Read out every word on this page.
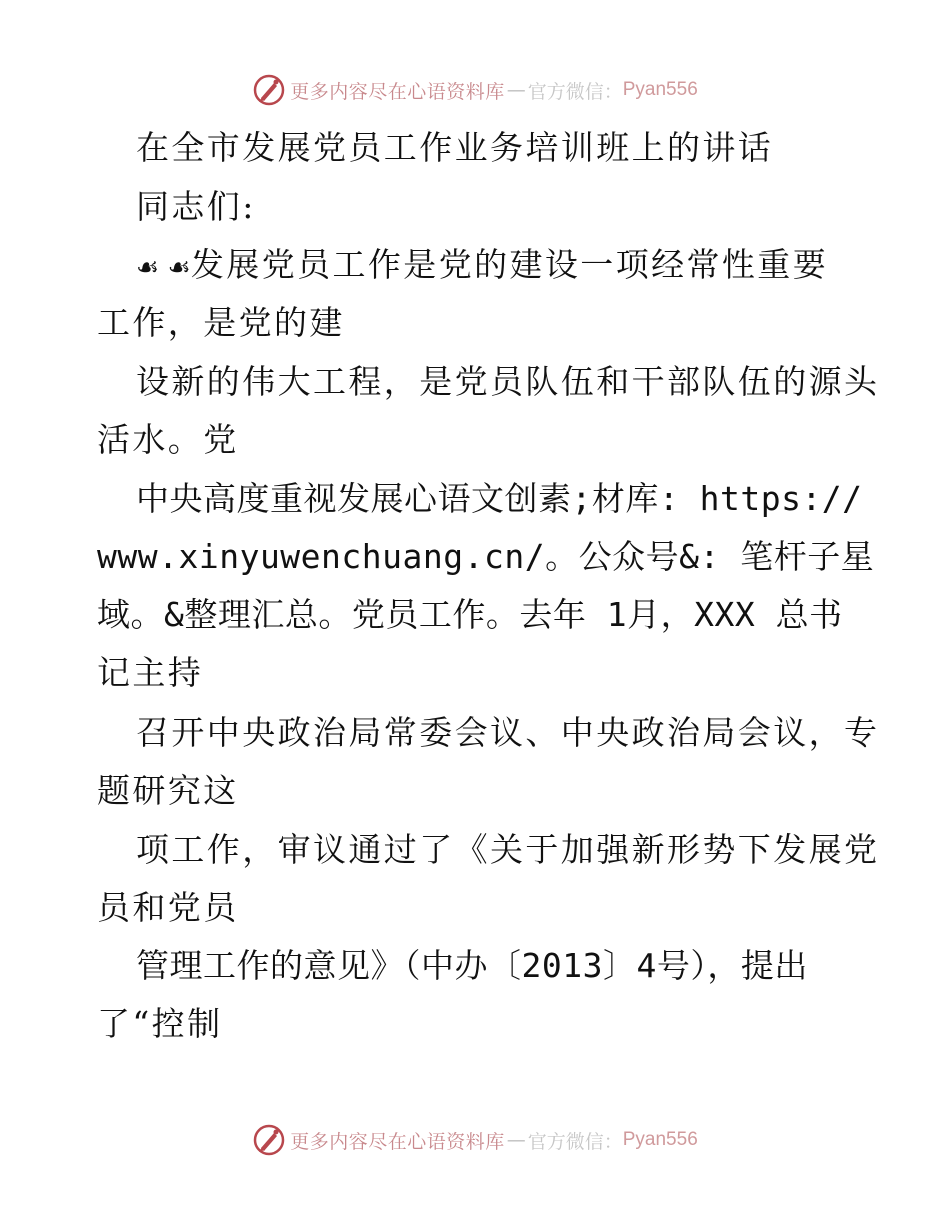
更多内容尽在心语资料库 — 官方微信： Pyan556
在全市发展党员工作业务培训班上的讲话
同志们:
☙ ☙发展党员工作是党的建设一项经常性重要
工作，是党的建
设新的伟大工程，是党员队伍和干部队伍的源头
活水。党
中央高度重视发展心语文创素;材库: https://
www.xinyuwenchuang.cn/。公众号&: 笔杆子星
域。&整理汇总。党员工作。去年 1月，XXX 总书
记主持
召开中央政治局常委会议、中央政治局会议，专
题研究这
项工作，审议通过了《关于加强新形势下发展党
员和党员
管理工作的意见》（中办〔2013〕4号），提出
了“控制
更多内容尽在心语资料库 — 官方微信： Pyan556
